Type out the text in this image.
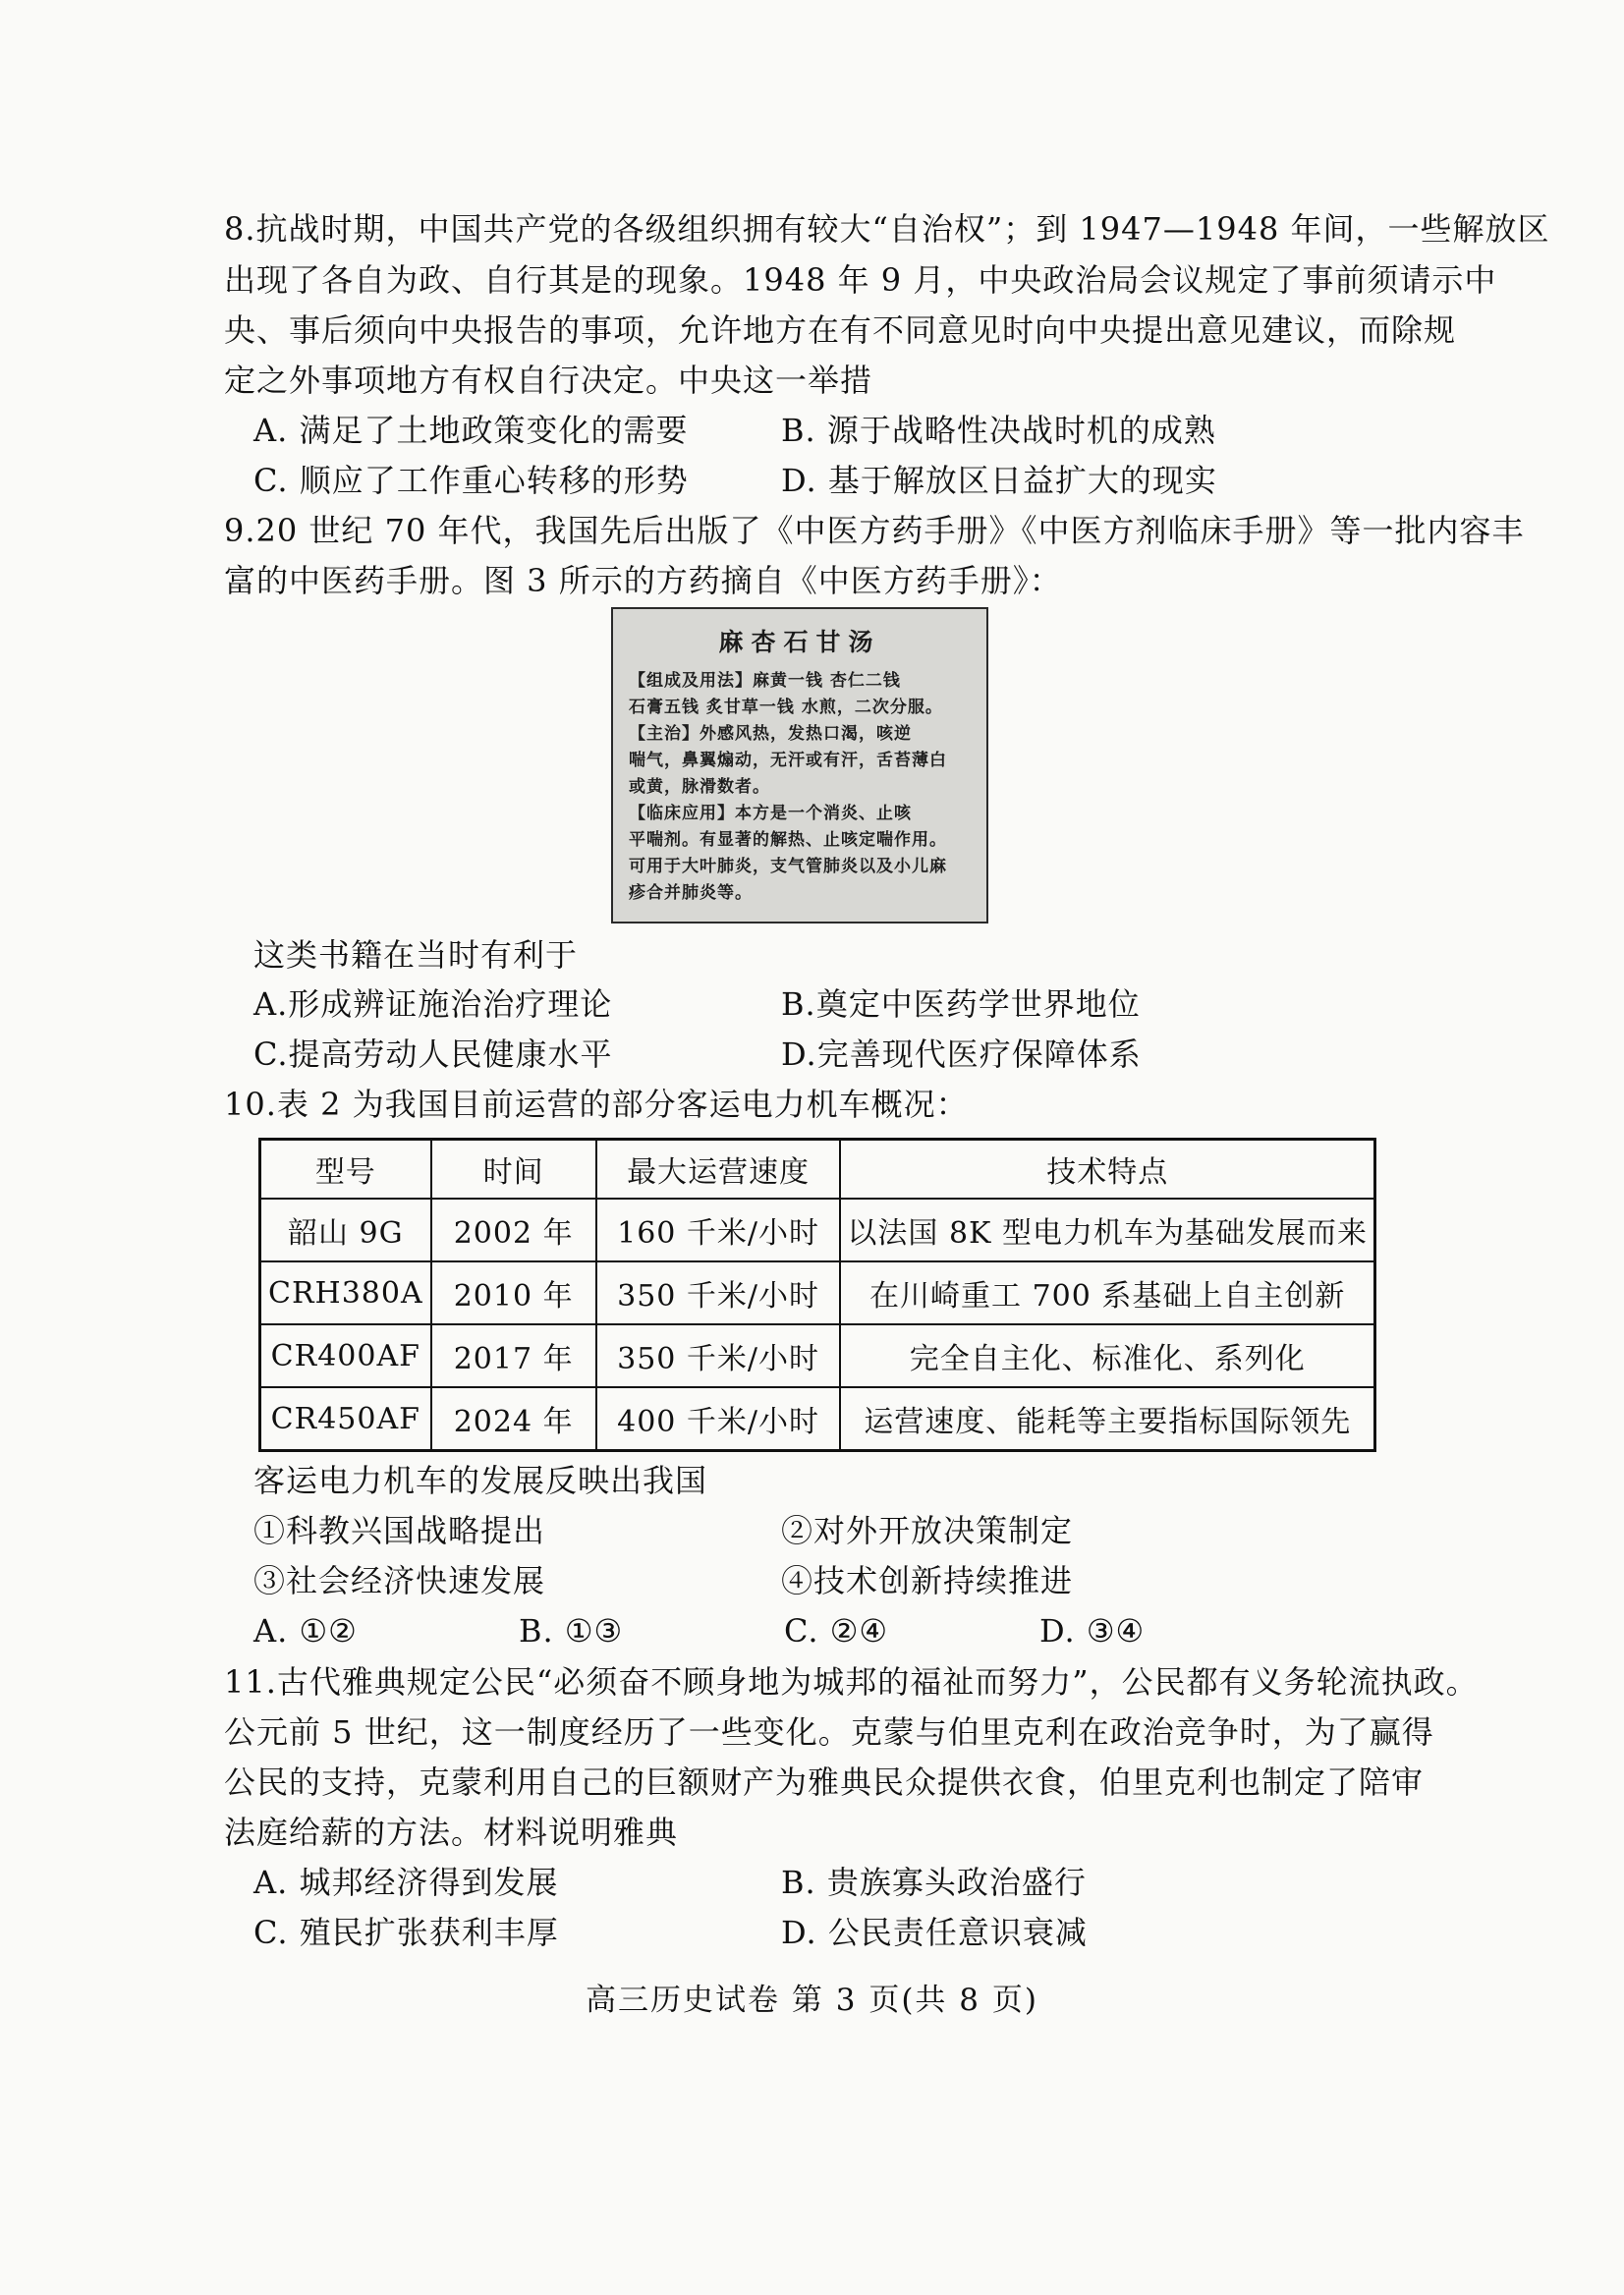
8.抗战时期，中国共产党的各级组织拥有较大“自治权”；到 1947—1948 年间，一些解放区
出现了各自为政、自行其是的现象。1948 年 9 月，中央政治局会议规定了事前须请示中
央、事后须向中央报告的事项，允许地方在有不同意见时向中央提出意见建议，而除规
定之外事项地方有权自行决定。中央这一举措
A. 满足了土地政策变化的需要	B. 源于战略性决战时机的成熟
C. 顺应了工作重心转移的形势	D. 基于解放区日益扩大的现实
9.20 世纪 70 年代，我国先后出版了《中医方药手册》《中医方剂临床手册》等一批内容丰
富的中医药手册。图 3 所示的方药摘自《中医方药手册》：
麻杏石甘汤
【组成及用法】麻黄一钱 杏仁二钱
石膏五钱 炙甘草一钱 水煎，二次分服。
【主治】外感风热，发热口渴，咳逆
喘气，鼻翼煽动，无汗或有汗，舌苔薄白
或黄，脉滑数者。
【临床应用】本方是一个消炎、止咳
平喘剂。有显著的解热、止咳定喘作用。
可用于大叶肺炎，支气管肺炎以及小儿麻
疹合并肺炎等。
这类书籍在当时有利于
A.形成辨证施治治疗理论	B.奠定中医药学世界地位
C.提高劳动人民健康水平	D.完善现代医疗保障体系
10.表 2 为我国目前运营的部分客运电力机车概况：
型号	时间	最大运营速度	技术特点
韶山 9G	2002 年	160 千米/小时	以法国 8K 型电力机车为基础发展而来
CRH380A	2010 年	350 千米/小时	在川崎重工 700 系基础上自主创新
CR400AF	2017 年	350 千米/小时	完全自主化、标准化、系列化
CR450AF	2024 年	400 千米/小时	运营速度、能耗等主要指标国际领先
客运电力机车的发展反映出我国
①科教兴国战略提出	②对外开放决策制定
③社会经济快速发展	④技术创新持续推进
A. ①②	B. ①③	C. ②④	D. ③④
11.古代雅典规定公民“必须奋不顾身地为城邦的福祉而努力”，公民都有义务轮流执政。
公元前 5 世纪，这一制度经历了一些变化。克蒙与伯里克利在政治竞争时，为了赢得
公民的支持，克蒙利用自己的巨额财产为雅典民众提供衣食，伯里克利也制定了陪审
法庭给薪的方法。材料说明雅典
A. 城邦经济得到发展	B. 贵族寡头政治盛行
C. 殖民扩张获利丰厚	D. 公民责任意识衰减
高三历史试卷 第 3 页(共 8 页)
